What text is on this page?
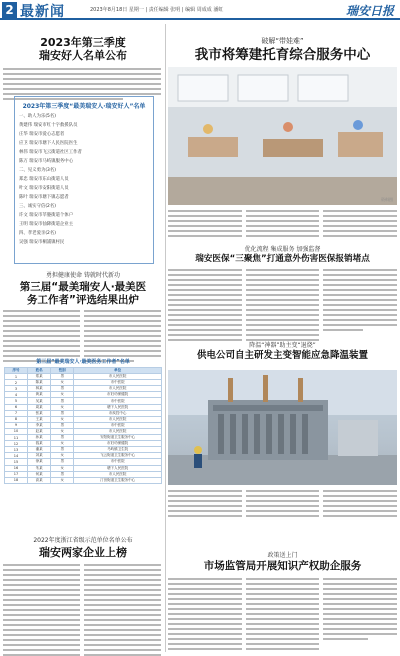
2 最新闻	2023年8月18日 星期一 | 责任编辑 张明 | 编辑 周成成 潘虹	瑞安日报
2023年第三季度
瑞安好人名单公布
2023年第三季度“最美瑞安人·瑞安好人”名单
一、助人为乐(5名)
黄建伟 瑞安市红十字救援队员
庄华 瑞安市爱心志愿者
应卫 瑞安市塘下人民医院医生
林伟 瑞安市飞云街道社区工作者
陈万 瑞安市马屿镇服务中心
二、见义勇为(3名)
郑忠 瑞安市东山街道人员
叶文 瑞安市安阳街道人员
陈叶 瑞安市塘下镇志愿者
三、诚实守信(2名)
许文 瑞安市莘塍街道个体户
王明 瑞安市仙降街道企业主
四、孝老爱亲(2名)
吴强 瑞安市桐浦镇村民
勇担健康使命 铸就时代新功
第三届“最美瑞安人·最美医
务工作者”评选结果出炉
第三届“最美瑞安人·最美医务工作者”名单
序号	姓名	性别	单位
1	郑某	男	市人民医院
2	陈某	女	市中医院
3	林某	男	市人民医院
4	黄某	女	市妇幼保健院
5	吴某	男	市中医院
6	周某	女	塘下人民医院
7	张某	男	市疾控中心
8	王某	女	市人民医院
9	李某	男	市中医院
10	赵某	女	市人民医院
11	孙某	男	安阳街道卫生服务中心
12	钱某	女	市妇幼保健院
13	潘某	男	马屿镇卫生院
14	刘某	女	飞云街道卫生服务中心
15	徐某	男	市中医院
16	朱某	女	塘下人民医院
17	何某	男	市人民医院
18	高某	女	汀田街道卫生服务中心
2022年度浙江省级示范单位名单公布
瑞安两家企业上榜
破解“带娃难”
我市将筹建托育综合服务中心
资料图
优化流程 集成服务 加强监督
瑞安医保“三聚焦”打通意外伤害医保报销堵点
降温“神器”助主变“退烧”
供电公司自主研发主变智能应急降温装置
政策送上门
市场监管局开展知识产权助企服务
